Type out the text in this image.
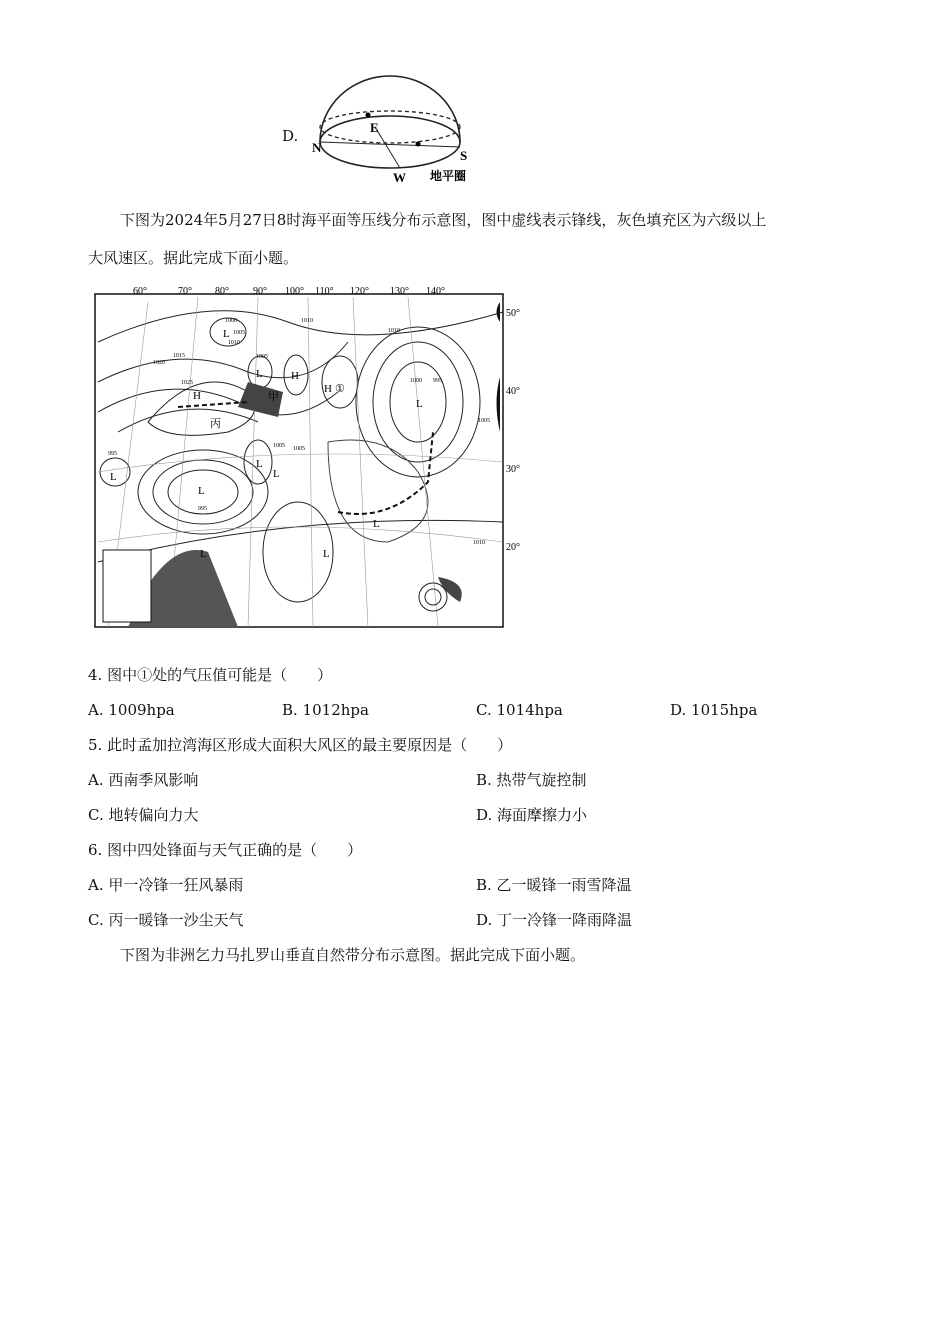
D.
N
S
E
W 地平圈
下图为2024年5月27日8时海平面等压线分布示意图，图中虚线表示锋线，灰色填充区为六级以上
大风速区。据此完成下面小题。
60°	70° 80° 90° 100° 110° 120° 130° 140°
50°
40°
30°
20°
1000
1005
1010
1015
1020
1025
1005
1010
1005 1005
1000 995
1005
1010
995
995
1010
L
H
L	H
H ①
L
L
L
L
L
L
L
L
甲
丙
4. 图中①处的气压值可能是（　　）
A. 1009hpa	B. 1012hpa	C. 1014hpa	D. 1015hpa
5. 此时孟加拉湾海区形成大面积大风区的最主要原因是（　　）
A. 西南季风影响	B. 热带气旋控制
C. 地转偏向力大	D. 海面摩擦力小
6. 图中四处锋面与天气正确的是（　　）
A. 甲一冷锋一狂风暴雨	B. 乙一暖锋一雨雪降温
C. 丙一暖锋一沙尘天气	D. 丁一冷锋一降雨降温
下图为非洲乞力马扎罗山垂直自然带分布示意图。据此完成下面小题。
